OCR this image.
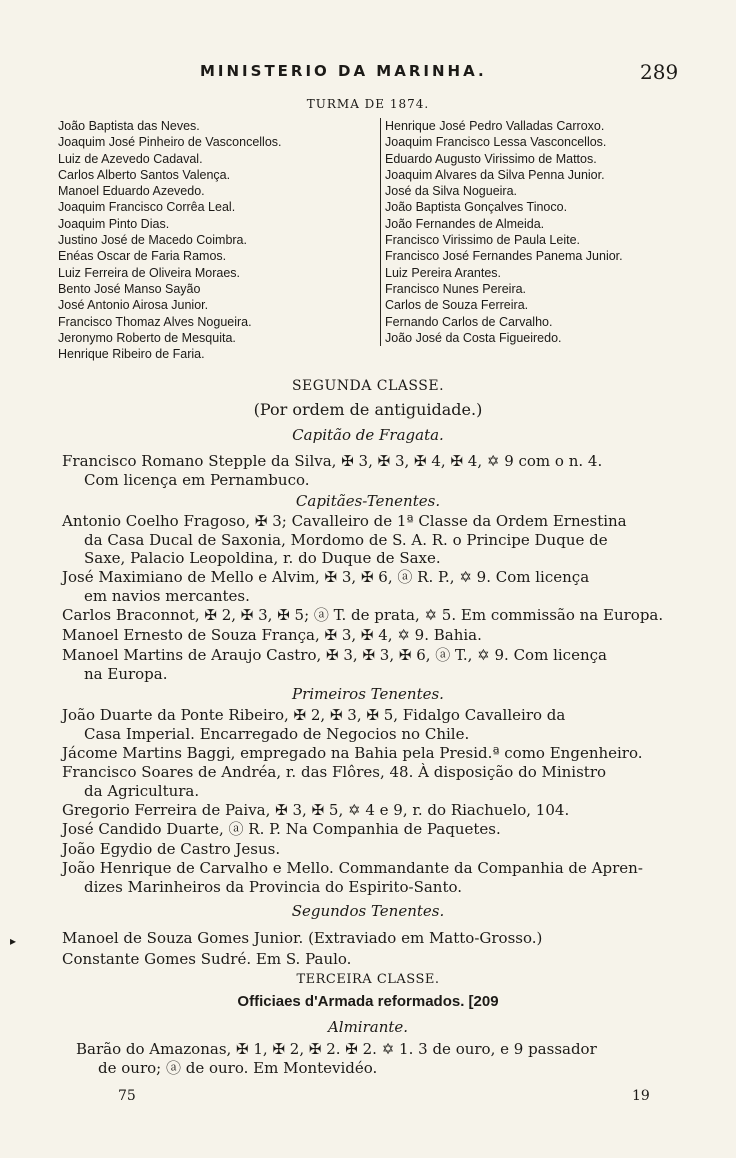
MINISTERIO DA MARINHA.	289
TURMA DE 1874.
João Baptista das Neves.
Joaquim José Pinheiro de Vasconcellos.
Luiz de Azevedo Cadaval.
Carlos Alberto Santos Valença.
Manoel Eduardo Azevedo.
Joaquim Francisco Corrêa Leal.
Joaquim Pinto Dias.
Justino José de Macedo Coimbra.
Enéas Oscar de Faria Ramos.
Luiz Ferreira de Oliveira Moraes.
Bento José Manso Sayão
José Antonio Airosa Junior.
Francisco Thomaz Alves Nogueira.
Jeronymo Roberto de Mesquita.
Henrique Ribeiro de Faria.
Henrique José Pedro Valladas Carroxo.
Joaquim Francisco Lessa Vasconcellos.
Eduardo Augusto Virissimo de Mattos.
Joaquim Alvares da Silva Penna Junior.
José da Silva Nogueira.
João Baptista Gonçalves Tinoco.
João Fernandes de Almeida.
Francisco Virissimo de Paula Leite.
Francisco José Fernandes Panema Junior.
Luiz Pereira Arantes.
Francisco Nunes Pereira.
Carlos de Souza Ferreira.
Fernando Carlos de Carvalho.
João José da Costa Figueiredo.
SEGUNDA CLASSE.
(Por ordem de antiguidade.)
Capitão de Fragata.
Francisco Romano Stepple da Silva, ✠ 3, ✠ 3, ✠ 4, ✠ 4, ✡ 9 com o n. 4.
Com licença em Pernambuco.
Capitães-Tenentes.
Antonio Coelho Fragoso, ✠ 3; Cavalleiro de 1ª Classe da Ordem Ernestina
da Casa Ducal de Saxonia, Mordomo de S. A. R. o Principe Duque de
Saxe, Palacio Leopoldina, r. do Duque de Saxe.
José Maximiano de Mello e Alvim, ✠ 3, ✠ 6, ⓐ R. P., ✡ 9. Com licença
em navios mercantes.
Carlos Braconnot, ✠ 2, ✠ 3, ✠ 5; ⓐ T. de prata, ✡ 5. Em commissão na Europa.
Manoel Ernesto de Souza França, ✠ 3, ✠ 4, ✡ 9. Bahia.
Manoel Martins de Araujo Castro, ✠ 3, ✠ 3, ✠ 6, ⓐ T., ✡ 9. Com licença
na Europa.
Primeiros Tenentes.
João Duarte da Ponte Ribeiro, ✠ 2, ✠ 3, ✠ 5, Fidalgo Cavalleiro da
Casa Imperial. Encarregado de Negocios no Chile.
Jácome Martins Baggi, empregado na Bahia pela Presid.ª como Engenheiro.
Francisco Soares de Andréa, r. das Flôres, 48. À disposição do Ministro
da Agricultura.
Gregorio Ferreira de Paiva, ✠ 3, ✠ 5, ✡ 4 e 9, r. do Riachuelo, 104.
José Candido Duarte, ⓐ R. P. Na Companhia de Paquetes.
João Egydio de Castro Jesus.
João Henrique de Carvalho e Mello. Commandante da Companhia de Apren-
dizes Marinheiros da Provincia do Espirito-Santo.
Segundos Tenentes.
▸	Manoel de Souza Gomes Junior. (Extraviado em Matto-Grosso.)
Constante Gomes Sudré. Em S. Paulo.
TERCEIRA CLASSE.
Officiaes d'Armada reformados. [209
Almirante.
Barão do Amazonas, ✠ 1, ✠ 2, ✠ 2. ✠ 2. ✡ 1. 3 de ouro, e 9 passador
de ouro; ⓐ de ouro. Em Montevidéo.
75	19
